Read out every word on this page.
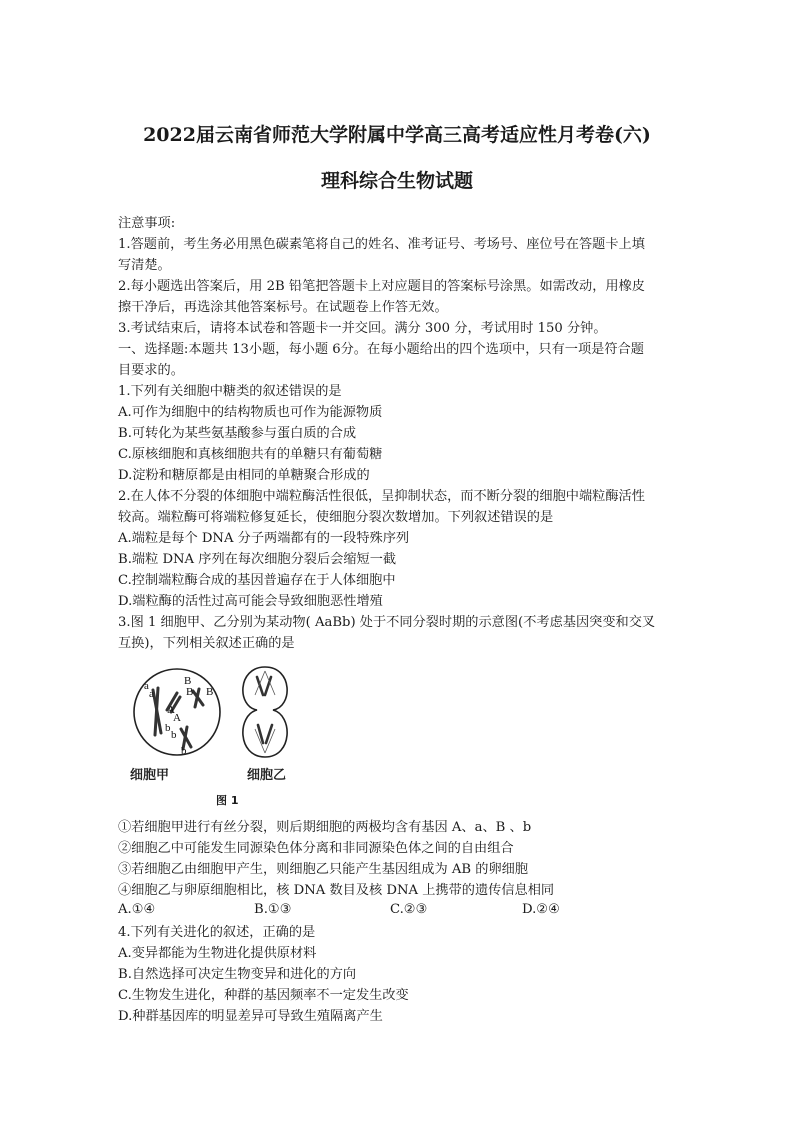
2022届云南省师范大学附属中学高三高考适应性月考卷(六)
理科综合生物试题
注意事项:
1.答题前，考生务必用黑色碳素笔将自己的姓名、准考证号、考场号、座位号在答题卡上填
写清楚。
2.每小题选出答案后，用 2B 铅笔把答题卡上对应题目的答案标号涂黑。如需改动，用橡皮
擦干净后，再选涂其他答案标号。在试题卷上作答无效。
3.考试结束后，请将本试卷和答题卡一并交回。满分 300 分，考试用时 150 分钟。
一、选择题:本题共 13小题，每小题 6分。在每小题给出的四个选项中，只有一项是符合题
目要求的。
1.下列有关细胞中糖类的叙述错误的是
A.可作为细胞中的结构物质也可作为能源物质
B.可转化为某些氨基酸参与蛋白质的合成
C.原核细胞和真核细胞共有的单糖只有葡萄糖
D.淀粉和糖原都是由相同的单糖聚合形成的
2.在人体不分裂的体细胞中端粒酶活性很低，呈抑制状态，而不断分裂的细胞中端粒酶活性
较高。端粒酶可将端粒修复延长，使细胞分裂次数增加。下列叙述错误的是
A.端粒是每个 DNA 分子两端都有的一段特殊序列
B.端粒 DNA 序列在每次细胞分裂后会缩短一截
C.控制端粒酶合成的基因普遍存在于人体细胞中
D.端粒酶的活性过高可能会导致细胞恶性增殖
3.图 1 细胞甲、乙分别为某动物( AaBb) 处于不同分裂时期的示意图(不考虑基因突变和交叉
互换)，下列相关叙述正确的是
a
a
A
A
B
B B
b
b
b
细胞甲	细胞乙
图 1
①若细胞甲进行有丝分裂，则后期细胞的两极均含有基因 A、a、B 、b
②细胞乙中可能发生同源染色体分离和非同源染色体之间的自由组合
③若细胞乙由细胞甲产生，则细胞乙只能产生基因组成为 AB 的卵细胞
④细胞乙与卵原细胞相比，核 DNA 数目及核 DNA 上携带的遗传信息相同
A.①④	B.①③	C.②③	D.②④
4.下列有关进化的叙述，正确的是
A.变异都能为生物进化提供原材料
B.自然选择可决定生物变异和进化的方向
C.生物发生进化，种群的基因频率不一定发生改变
D.种群基因库的明显差异可导致生殖隔离产生
